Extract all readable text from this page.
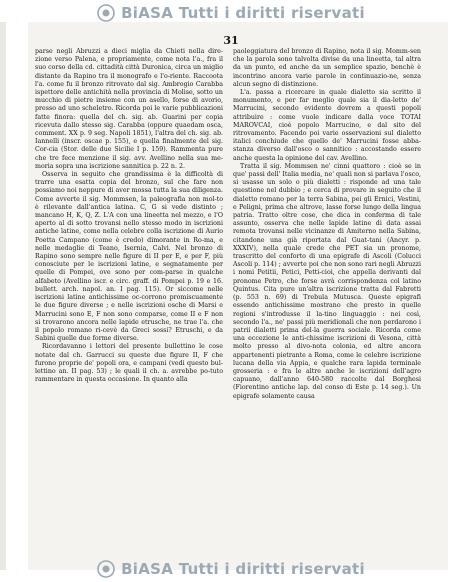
BiASA Tutti i diritti riservati
31

parse negli Abruzzi a dieci miglia da Chieti nella dire-zione verso Palena, e propriamente, come nota l'a., fra il suo corso della cd. cittadità città Duronica, circa un miglio distante da Rapino tra il monografo e l'o-riente. Raccoota l'a. come fu il bronzo ritrovato dal sig. Ambrogio Carabba ispettore delle antichità nella provincia di Molise, sotto un mucchio di pietre insieme con un asello, forse di avorio, presso ad uno scheletro. Ricorda poi le varie pubblicazioni fatte finora: quella del ch. sig. ab. Guarini per copia ricevuta dallo stesso sig. Carabba (oppure quaedam osca, comment. XX p. 9 seg. Napoli 1851), l'altra del ch. sig. ab. Iannelli (inscr. oscae p. 155), e quella finalmente del sig. Cor-cia (Stor. delle due Sicilie I p. 159). Rammenta pure che tre fece menzione il sig. avv. Avellino nella sua me-moria sopra una iscrizione sannitica p. 22 n. 2.

Osserva in seguito che grandissima è la difficoltà di trarre una esatta copia del bronzo, sul che fare non possiamo noi neppure di aver mossa tutta la sua diligenza. Come avverte il sig. Mommsen, la paleografia non mol-to è rilevante dall'antica latina. C, G si vede distinto ; mancano H, K, Q, Z. L'A con una lineetta nel mezzo, e l'O aperto al di sotto trovansi nello stesso modo in iscrizioni antiche latine, come nella celebre colla iscrizione di Aurio Poetta Campano (come è credo) dimorante in Ro-ma, e nelle medaglie di Teano, Isernia, Calvi. Nel bronzo di Rapino sono sempre nelle figure di II per E, e per F, più conosciute per le iscrizioni latine, e segnatamente per quelle di Pompei, ove sono per com-parse in qualche alfabeto (Avellino iscr. e circ. graff. di Pompei p. 19 e 16. bullett. arch. napol. an. I pag. 115). Or siccome nelle iscrizioni latine antichissime oc-corrono promiscuamente le due figure diverse ; e nelle iscrizioni osche di Marsi e Marrucini sono E, F non sono comparse, come II e F non si trovarono ancora nelle lapide etrusche, ne trae l'a. che il popolo romano ri-cevè da Greci sossi? Etruschi, e da Sabini quelle due forme diverse.

Ricordavanno i lettori del presente bullettino le cose notate dal ch. Garrucci su queste due figure II, F che furono proprie de' popoli ora, e campani (vedi questo bul-lettino an. II pag. 53) ; le quali il ch. a. avrebbe po-tuto rammentare in questa occasione. In quanto alla

paoleggiatura del bronzo di Rapino, nota il sig. Momm-sen che la parola sono talvolta divise da una lineetta, tal altra da un punto, ed anche da un semplice spazio, benchè è incontrino ancora varie parole in continuazio-ne, senza alcun segno di distinzione.

L'a. passa a ricercare in quale dialetto sia scritto il monumento, e per far meglio quale sia il dia-letto de' Marrucini, secondo evidente dovrem a questi popoli attribuire : come vuole indicare dalla voce TOTAI MAROVCAI, cioè popolo Marrucino, e dal sito del ritrovamento. Facendo poi varie osservazioni sul dialetto italici conchiude che quello de' Marrucini fosse abba-stanza diverso dall'osco o sannitico : accostando essere anche questa la opinione del cav. Avellino.

Tratta il sig. Mommsen ne' cinni quattoro : cioè se in que' passi dell' Italia media, ne' quali non si parlava l'osco, si usasse un solo o più dialetti : risponde ad una tale questione nel dubbio ; e cerca di provare in seguito che il dialetto romano per la terra Sabina, pei gli Ernici, Vestini, e Peligni, prima che altrove, lasse forse lungo della lingua patria. Tratto oltre cose, che dica in conferma di tale assunto, osserva che nelle lapide latine di data assai remota trovansi nelle vicinanze di Amiterno nella Sabina, citandone una già riportata dal Guat-tani (Ancyr. p. XXXIV), nella quale crede che PET sia un pronome, trascritto del conforto di una epigrafe di Ascoli (Colucci Ascoli p. 114) ; avverte poi che non sono rari negli Abruzzi i nomi Petitii, Petici, Petti-cioi, che appella derivanti dal pronome Petro, che forse avrà corrispondenza col latino Quintus. Cita pure un'altra iscrizione tratta dal Fabretti (p. 553 n. 69) di Trebula Mutusca. Queste epigrafi essendo antichissime mostrano che presto in quelle regioni s'introdusse il la-tino linguaggio : nei così, secondo l'a., ne' passi più meridionali che non perdarono i patrii dialetti prima del-la guerra sociale. Ricorda come una eccezione le anti-chissime iscrizioni di Vesona, città molto presso al divo-nota colonia, ed altre ancora appartenenti pietrante a Roma, come le celebre iscrizione lucana della via Appia, e qualche rara lapida terminale grosseria : e fra le altre anche le iscrizioni dell'agro capuano, dall'anno 640-580 raccolte dal Borghesi (Fiorentino antiche lap. del conso di Este p. 14 seg.). Un epigrafe solamente causa

BiASA Tutti i diritti riservati
